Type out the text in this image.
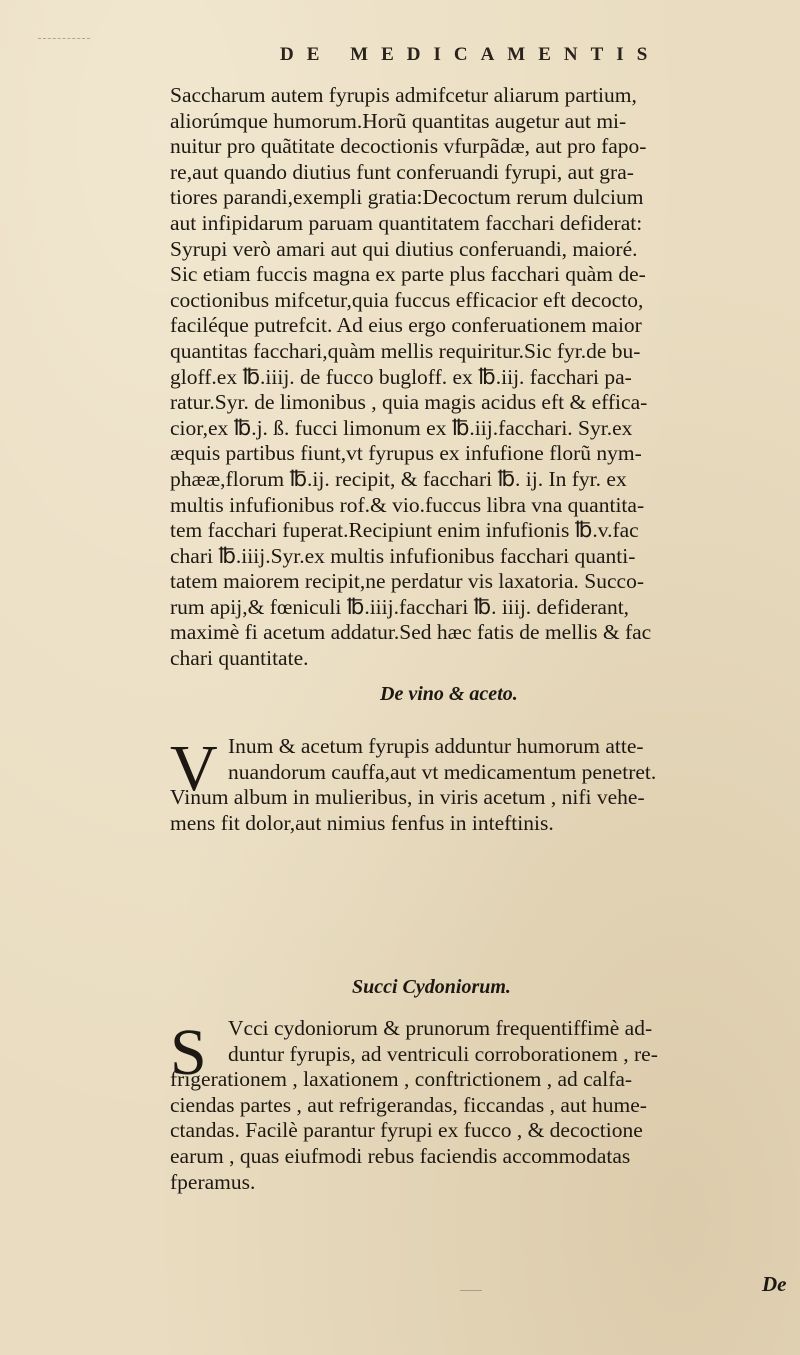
DE MEDICAMENTIS
Saccharum autem fyrupis admifcetur aliarum partium,
aliorúmque humorum.Horũ quantitas augetur aut mi-
nuitur pro quãtitate decoctionis vfurpãdæ, aut pro fapo-
re,aut quando diutius funt conferuandi fyrupi, aut gra-
tiores parandi,exempli gratia:Decoctum rerum dulcium
aut infipidarum paruam quantitatem facchari defiderat:
Syrupi verò amari aut qui diutius conferuandi, maioré.
Sic etiam fuccis magna ex parte plus facchari quàm de-
coctionibus mifcetur,quia fuccus efficacior eft decocto,
faciléque putrefcit. Ad eius ergo conferuationem maior
quantitas facchari,quàm mellis requiritur.Sic fyr.de bu-
gloff.ex ℔.iiij. de fucco bugloff. ex ℔.iij. facchari pa-
ratur.Syr. de limonibus , quia magis acidus eft & effica-
cior,ex ℔.j. ß. fucci limonum ex ℔.iij.facchari. Syr.ex
æquis partibus fiunt,vt fyrupus ex infufione florũ nym-
phææ,florum ℔.ij. recipit, & facchari ℔. ij. In fyr. ex
multis infufionibus rof.& vio.fuccus libra vna quantita-
tem facchari fuperat.Recipiunt enim infufionis ℔.v.fac
chari ℔.iiij.Syr.ex multis infufionibus facchari quanti-
tatem maiorem recipit,ne perdatur vis laxatoria. Succo-
rum apij,& fœniculi ℔.iiij.facchari ℔. iiij. defiderant,
maximè fi acetum addatur.Sed hæc fatis de mellis & fac
chari quantitate.
De vino & aceto.
V Inum & acetum fyrupis adduntur humorum atte-
nuandorum cauffa,aut vt medicamentum penetret.
Vinum album in mulieribus, in viris acetum , nifi vehe-
mens fit dolor,aut nimius fenfus in inteftinis.
Succi Cydoniorum.
S Vcci cydoniorum & prunorum frequentiffimè ad-
duntur fyrupis, ad ventriculi corroborationem , re-
frigerationem , laxationem , conftrictionem , ad calfa-
ciendas partes , aut refrigerandas, ficcandas , aut hume-
ctandas. Facilè parantur fyrupi ex fucco , & decoctione
earum , quas eiufmodi rebus faciendis accommodatas
fperamus.
De
